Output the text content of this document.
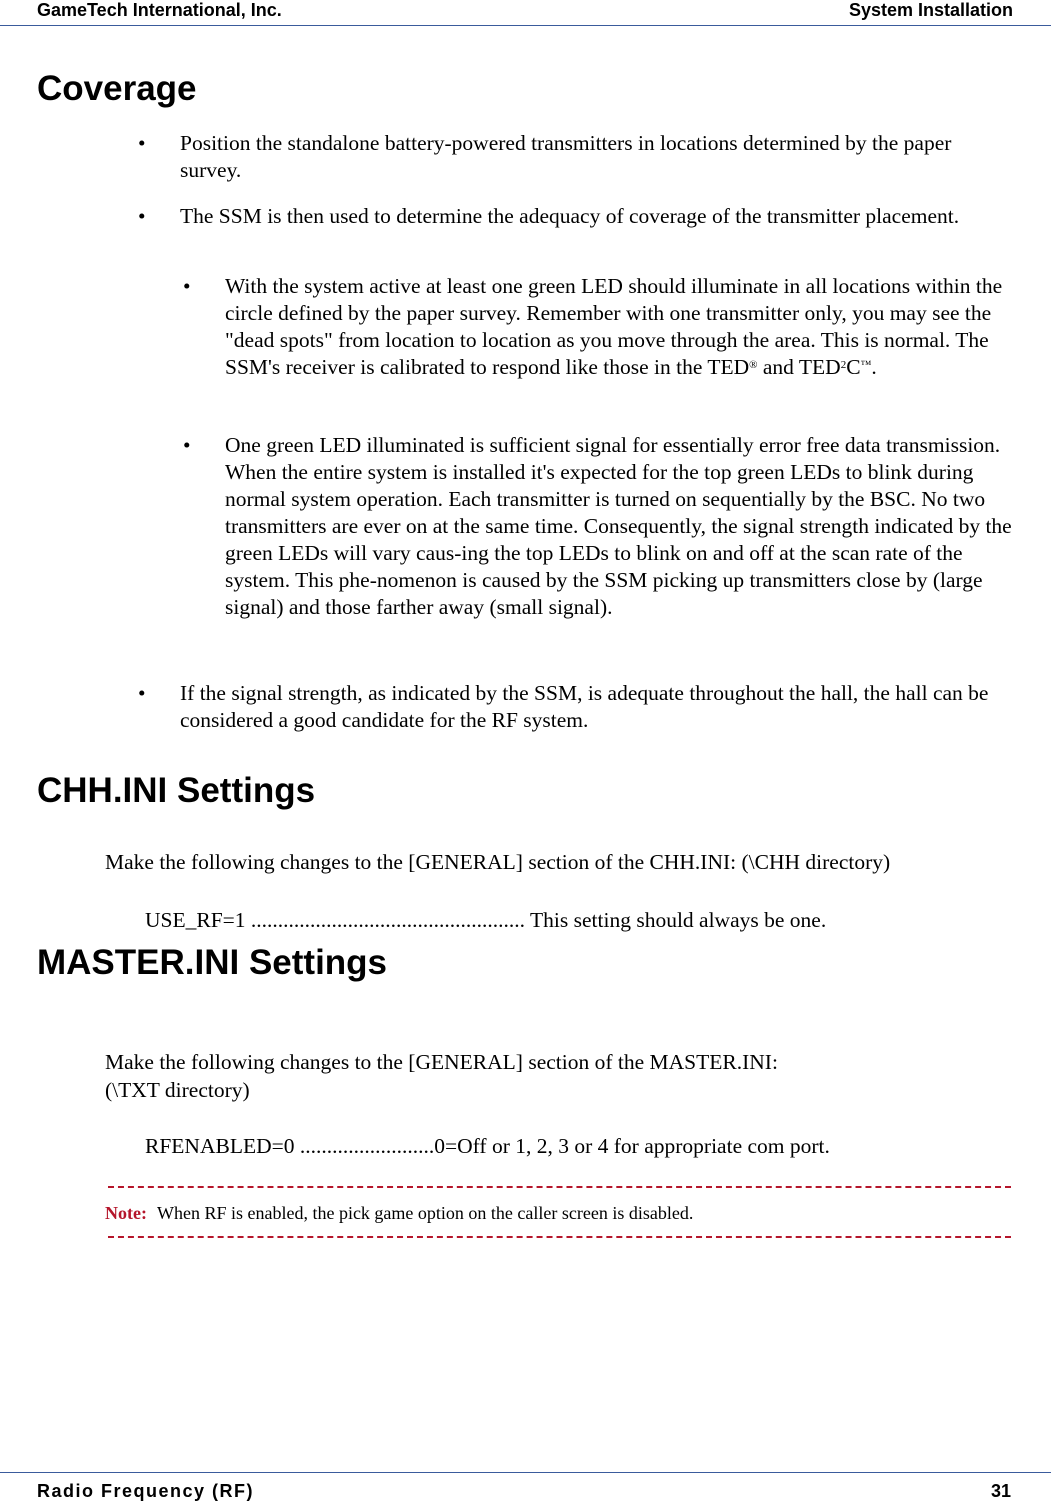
GameTech International, Inc.	System Installation
Coverage
• Position the standalone battery-powered transmitters in locations determined by the paper survey.
• The SSM is then used to determine the adequacy of coverage of the transmitter placement.
• With the system active at least one green LED should illuminate in all locations within the circle defined by the paper survey. Remember with one transmitter only, you may see the "dead spots" from location to location as you move through the area. This is normal. The SSM's receiver is calibrated to respond like those in the TED® and TED$^2$C™.
• One green LED illuminated is sufficient signal for essentially error free data transmission. When the entire system is installed it's expected for the top green LEDs to blink during normal system operation. Each transmitter is turned on sequentially by the BSC. No two transmitters are ever on at the same time. Consequently, the signal strength indicated by the green LEDs will vary caus-ing the top LEDs to blink on and off at the scan rate of the system. This phe-nomenon is caused by the SSM picking up transmitters close by (large signal) and those farther away (small signal).
• If the signal strength, as indicated by the SSM, is adequate throughout the hall, the hall can be considered a good candidate for the RF system.
CHH.INI Settings
Make the following changes to the [GENERAL] section of the CHH.INI: (\CHH directory)
USE_RF=1 ................................................... This setting should always be one.
MASTER.INI Settings
Make the following changes to the [GENERAL] section of the MASTER.INI:
(\TXT directory)
RFENABLED=0 .........................0=Off or 1, 2, 3 or 4 for appropriate com port.
Note: When RF is enabled, the pick game option on the caller screen is disabled.
Radio Frequency (RF)	31
